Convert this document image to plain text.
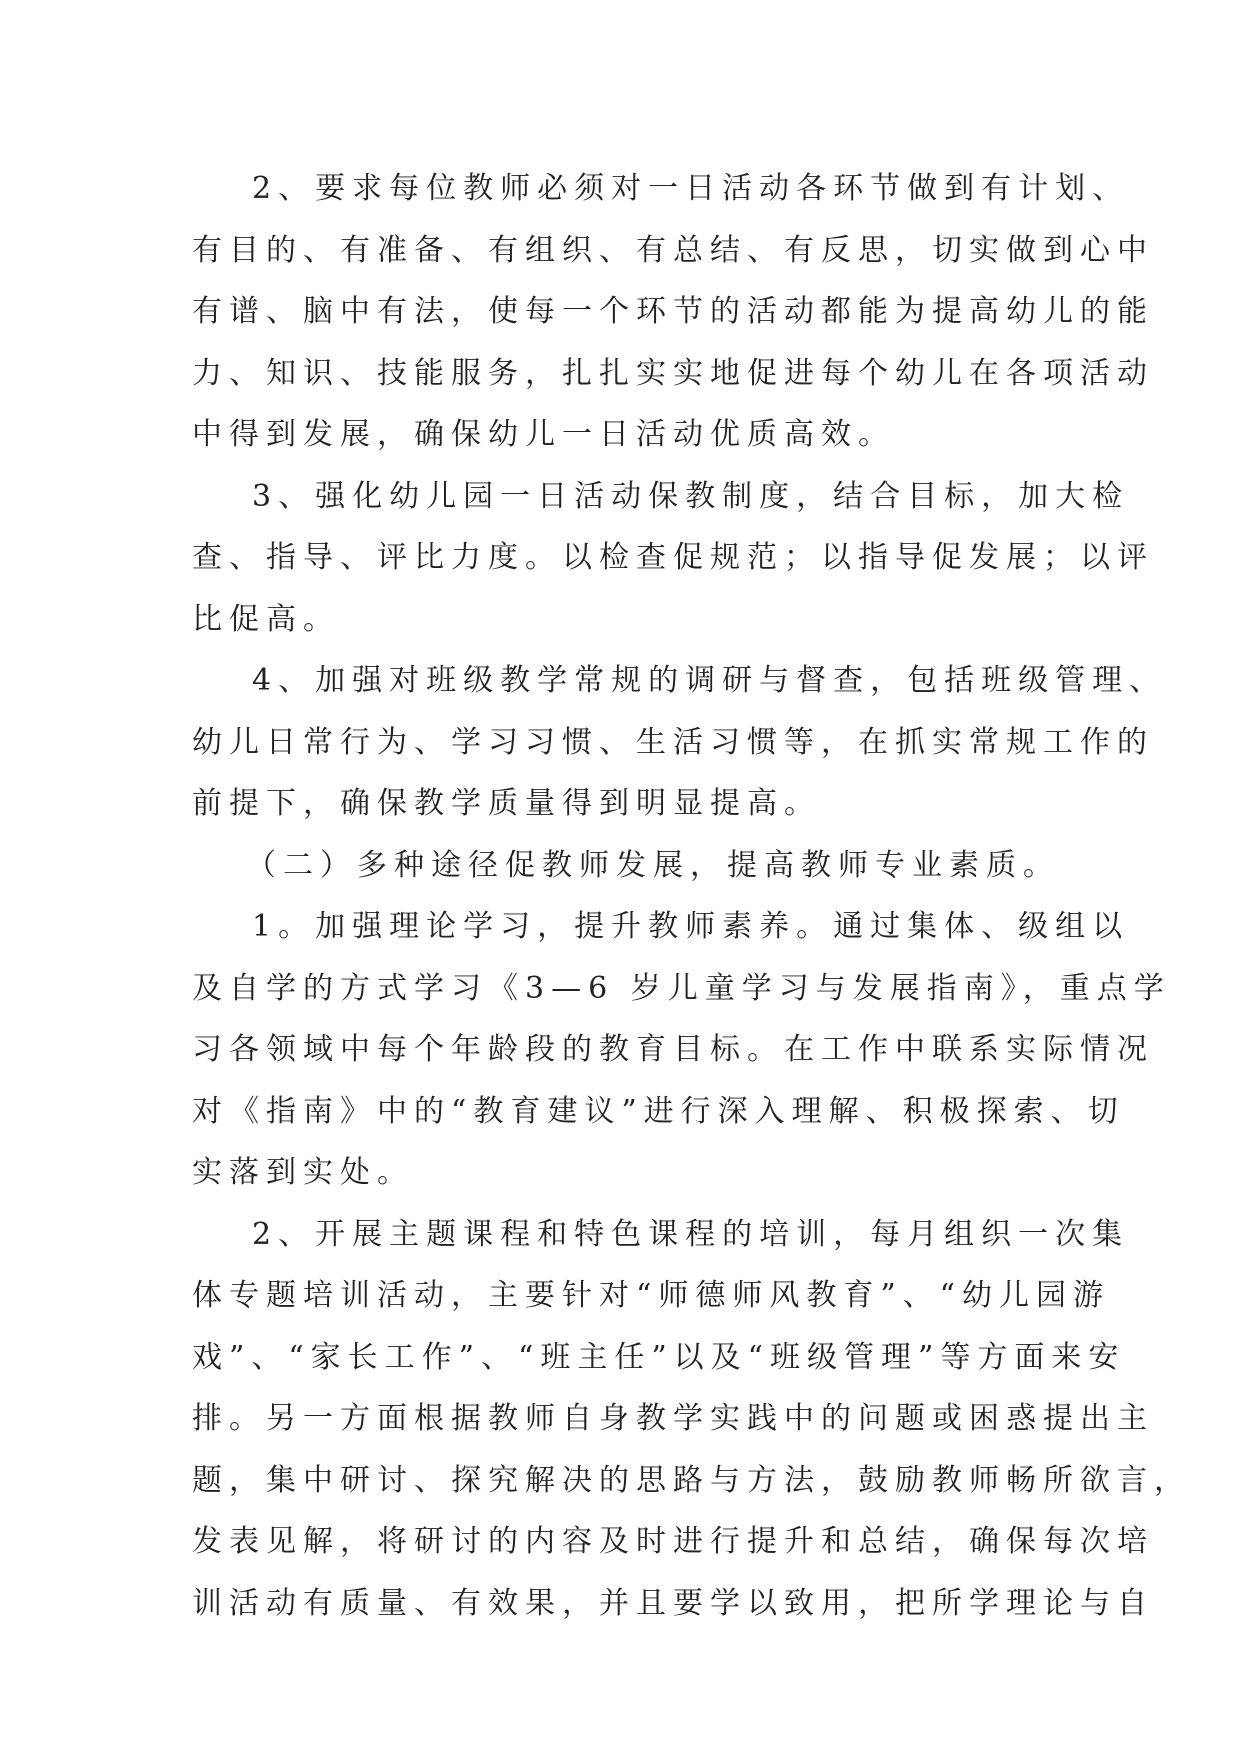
2、要求每位教师必须对一日活动各环节做到有计划、
有目的、有准备、有组织、有总结、有反思，切实做到心中
有谱、脑中有法，使每一个环节的活动都能为提高幼儿的能
力、知识、技能服务，扎扎实实地促进每个幼儿在各项活动
中得到发展，确保幼儿一日活动优质高效。
3、强化幼儿园一日活动保教制度，结合目标，加大检
查、指导、评比力度。以检查促规范；以指导促发展；以评
比促高。
4、加强对班级教学常规的调研与督查，包括班级管理、
幼儿日常行为、学习习惯、生活习惯等，在抓实常规工作的
前提下，确保教学质量得到明显提高。
（二）多种途径促教师发展，提高教师专业素质。
1。加强理论学习，提升教师素养。通过集体、级组以
及自学的方式学习《3—6 岁儿童学习与发展指南》，重点学
习各领域中每个年龄段的教育目标。在工作中联系实际情况
对《指南》中的“教育建议”进行深入理解、积极探索、切
实落到实处。
2、开展主题课程和特色课程的培训，每月组织一次集
体专题培训活动，主要针对“师德师风教育”、“幼儿园游
戏”、“家长工作”、“班主任”以及“班级管理”等方面来安
排。另一方面根据教师自身教学实践中的问题或困惑提出主
题，集中研讨、探究解决的思路与方法，鼓励教师畅所欲言，
发表见解，将研讨的内容及时进行提升和总结，确保每次培
训活动有质量、有效果，并且要学以致用，把所学理论与自
